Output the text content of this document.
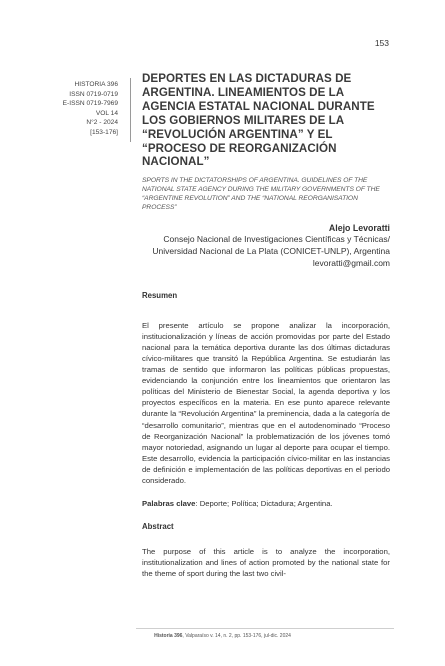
153
HISTORIA 396
ISSN 0719-0719
E-ISSN 0719-7969
VOL 14
N°2 - 2024
[153-176]
DEPORTES EN LAS DICTADURAS DE ARGENTINA. LINEAMIENTOS DE LA AGENCIA ESTATAL NACIONAL DURANTE LOS GOBIERNOS MILITARES DE LA “REVOLUCIÓN ARGENTINA” Y EL “PROCESO DE REORGANIZACIÓN NACIONAL”
SPORTS IN THE DICTATORSHIPS OF ARGENTINA. GUIDELINES OF THE NATIONAL STATE AGENCY DURING THE MILITARY GOVERNMENTS OF THE “ARGENTINE REVOLUTION” AND THE “NATIONAL REORGANISATION PROCESS”
Alejo Levoratti
Consejo Nacional de Investigaciones Científicas y Técnicas/ Universidad Nacional de La Plata (CONICET-UNLP), Argentina
levoratti@gmail.com
Resumen
El presente artículo se propone analizar la incorporación, institucionalización y líneas de acción promovidas por parte del Estado nacional para la temática deportiva durante las dos últimas dictaduras cívico-militares que transitó la República Argentina. Se estudiarán las tramas de sentido que informaron las políticas públicas propuestas, evidenciando la conjunción entre los lineamientos que orientaron las políticas del Ministerio de Bienestar Social, la agenda deportiva y los proyectos específicos en la materia. En ese punto aparece relevante durante la “Revolución Argentina” la preminencia, dada a la categoría de “desarrollo comunitario”, mientras que en el autodenominado “Proceso de Reorganización Nacional” la problematización de los jóvenes tomó mayor notoriedad, asignando un lugar al deporte para ocupar el tiempo. Este desarrollo, evidencia la participación cívico-militar en las instancias de definición e implementación de las políticas deportivas en el periodo considerado.
Palabras clave: Deporte; Política; Dictadura; Argentina.
Abstract
The purpose of this article is to analyze the incorporation, institutionalization and lines of action promoted by the national state for the theme of sport during the last two civil-
Historia 396, Valparaíso v. 14, n. 2, pp. 153-176, jul-dic. 2024
